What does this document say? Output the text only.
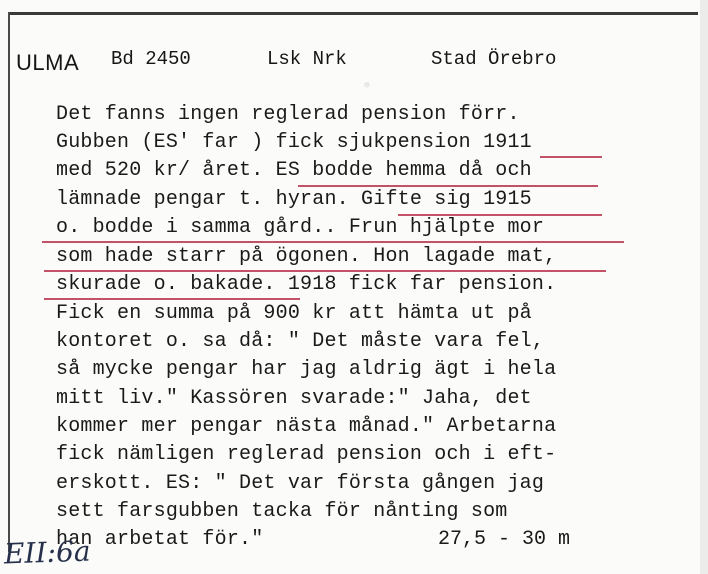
·
ULMA Bd 2450	Lsk Nrk	Stad Örebro
Det fanns ingen reglerad pension förr.
Gubben (ES' far ) fick sjukpension 1911
med 520 kr/ året. ES bodde hemma då och
lämnade pengar t. hyran. Gifte sig 1915
o. bodde i samma gård.. Frun hjälpte mor
som hade starr på ögonen. Hon lagade mat,
skurade o. bakade. 1918 fick far pension.
Fick en summa på 900 kr att hämta ut på
kontoret o. sa då: " Det måste vara fel,
så mycke pengar har jag aldrig ägt i hela
mitt liv." Kassören svarade:" Jaha, det
kommer mer pengar nästa månad." Arbetarna
fick nämligen reglerad pension och i eft-
erskott. ES: " Det var första gången jag
sett farsgubben tacka för nånting som
han arbetat för."	27,5 - 30 m
EII:6a
